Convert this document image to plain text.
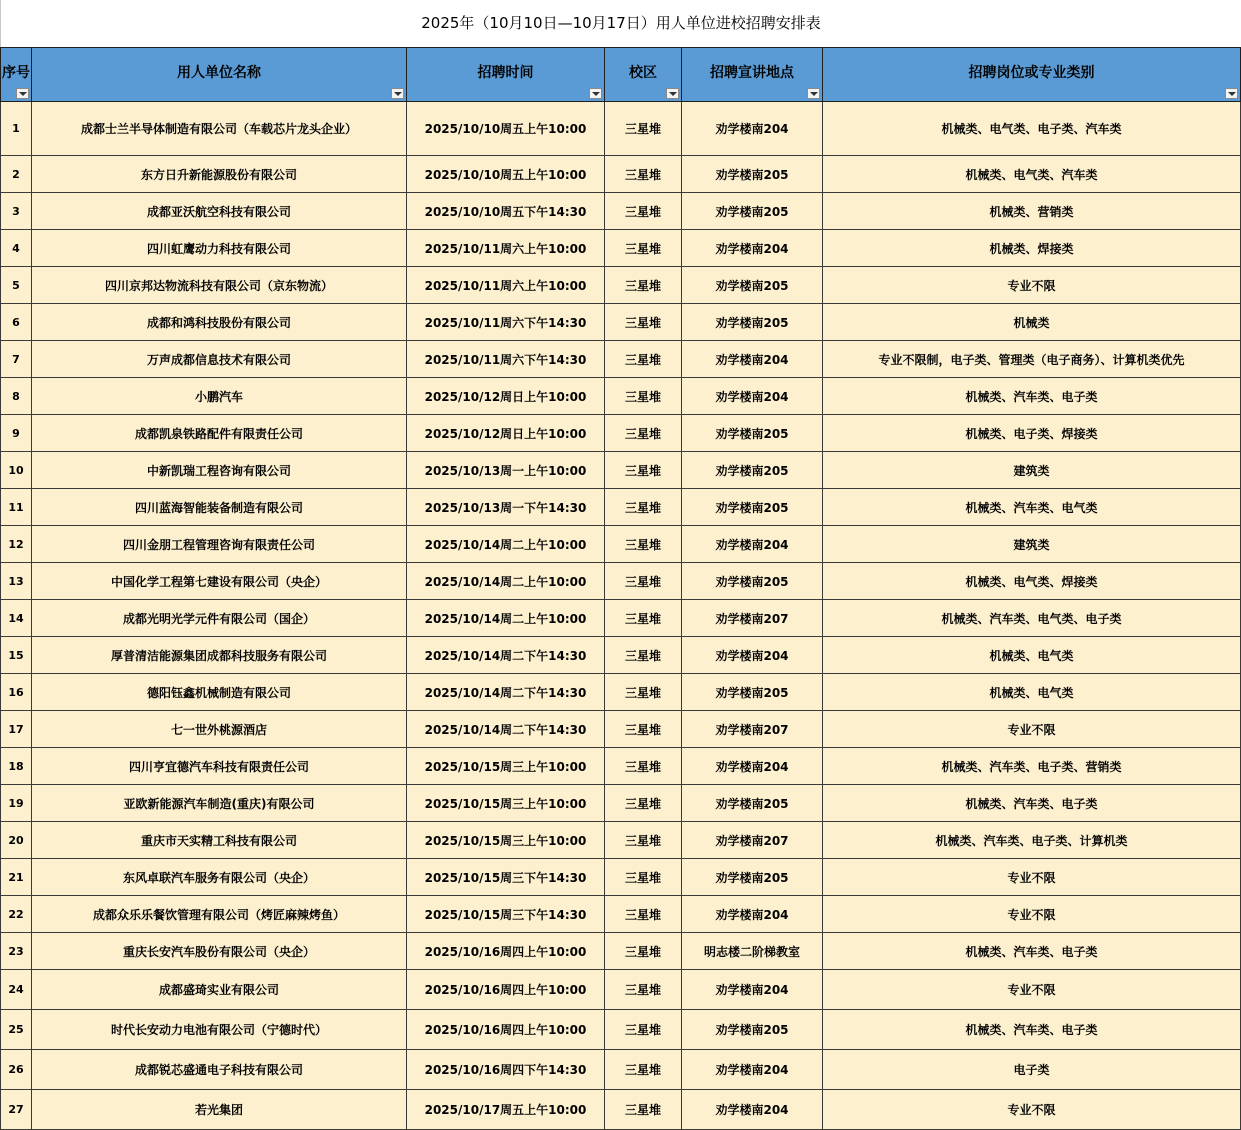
2025年（10月10日—10月17日）用人单位进校招聘安排表
序号	用人单位名称	招聘时间	校区	招聘宣讲地点	招聘岗位或专业类别

1	成都士兰半导体制造有限公司（车载芯片龙头企业）	2025/10/10周五上午10:00	三星堆	劝学楼南204	机械类、电气类、电子类、汽车类
2	东方日升新能源股份有限公司	2025/10/10周五上午10:00	三星堆	劝学楼南205	机械类、电气类、汽车类
3	成都亚沃航空科技有限公司	2025/10/10周五下午14:30	三星堆	劝学楼南205	机械类、营销类
4	四川虹鹰动力科技有限公司	2025/10/11周六上午10:00	三星堆	劝学楼南204	机械类、焊接类
5	四川京邦达物流科技有限公司（京东物流）	2025/10/11周六上午10:00	三星堆	劝学楼南205	专业不限
6	成都和鸿科技股份有限公司	2025/10/11周六下午14:30	三星堆	劝学楼南205	机械类
7	万声成都信息技术有限公司	2025/10/11周六下午14:30	三星堆	劝学楼南204	专业不限制，电子类、管理类（电子商务）、计算机类优先
8	小鹏汽车	2025/10/12周日上午10:00	三星堆	劝学楼南204	机械类、汽车类、电子类
9	成都凯泉铁路配件有限责任公司	2025/10/12周日上午10:00	三星堆	劝学楼南205	机械类、电子类、焊接类
10	中新凯瑞工程咨询有限公司	2025/10/13周一上午10:00	三星堆	劝学楼南205	建筑类
11	四川蓝海智能装备制造有限公司	2025/10/13周一下午14:30	三星堆	劝学楼南205	机械类、汽车类、电气类
12	四川金朋工程管理咨询有限责任公司	2025/10/14周二上午10:00	三星堆	劝学楼南204	建筑类
13	中国化学工程第七建设有限公司（央企）	2025/10/14周二上午10:00	三星堆	劝学楼南205	机械类、电气类、焊接类
14	成都光明光学元件有限公司（国企）	2025/10/14周二上午10:00	三星堆	劝学楼南207	机械类、汽车类、电气类、电子类
15	厚普清洁能源集团成都科技服务有限公司	2025/10/14周二下午14:30	三星堆	劝学楼南204	机械类、电气类
16	德阳钰鑫机械制造有限公司	2025/10/14周二下午14:30	三星堆	劝学楼南205	机械类、电气类
17	七一世外桃源酒店	2025/10/14周二下午14:30	三星堆	劝学楼南207	专业不限
18	四川亨宜德汽车科技有限责任公司	2025/10/15周三上午10:00	三星堆	劝学楼南204	机械类、汽车类、电子类、营销类
19	亚欧新能源汽车制造(重庆)有限公司	2025/10/15周三上午10:00	三星堆	劝学楼南205	机械类、汽车类、电子类
20	重庆市天实精工科技有限公司	2025/10/15周三上午10:00	三星堆	劝学楼南207	机械类、汽车类、电子类、计算机类
21	东风卓联汽车服务有限公司（央企）	2025/10/15周三下午14:30	三星堆	劝学楼南205	专业不限
22	成都众乐乐餐饮管理有限公司（烤匠麻辣烤鱼）	2025/10/15周三下午14:30	三星堆	劝学楼南204	专业不限
23	重庆长安汽车股份有限公司（央企）	2025/10/16周四上午10:00	三星堆	明志楼二阶梯教室	机械类、汽车类、电子类
24	成都盛琦实业有限公司	2025/10/16周四上午10:00	三星堆	劝学楼南204	专业不限
25	时代长安动力电池有限公司（宁德时代）	2025/10/16周四上午10:00	三星堆	劝学楼南205	机械类、汽车类、电子类
26	成都锐芯盛通电子科技有限公司	2025/10/16周四下午14:30	三星堆	劝学楼南204	电子类
27	若光集团	2025/10/17周五上午10:00	三星堆	劝学楼南204	专业不限
